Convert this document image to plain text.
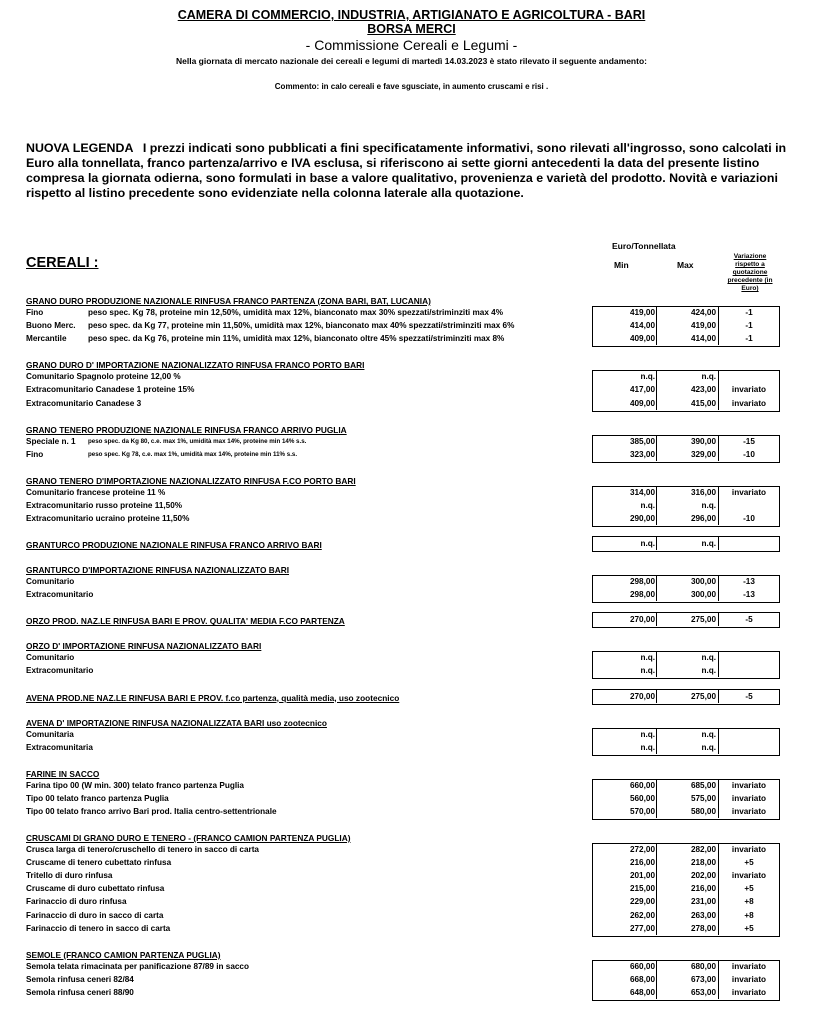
CAMERA DI COMMERCIO, INDUSTRIA, ARTIGIANATO E AGRICOLTURA - BARI
BORSA MERCI
- Commissione Cereali e Legumi -
Nella giornata di mercato nazionale dei cereali e legumi di martedì 14.03.2023 è stato rilevato il seguente andamento:
Commento: in calo cereali e fave sgusciate, in aumento cruscami e risi .
NUOVA LEGENDA I prezzi indicati sono pubblicati a fini specificatamente informativi, sono rilevati all'ingrosso, sono calcolati in Euro alla tonnellata, franco partenza/arrivo e IVA esclusa, si riferiscono ai sette giorni antecedenti la data del presente listino compresa la giornata odierna, sono formulati in base a valore qualitativo, provenienza e varietà del prodotto. Novità e variazioni rispetto al listino precedente sono evidenziate nella colonna laterale alla quotazione.
CEREALI :
Euro/Tonnellata
Min	Max
Variazione rispetto a quotazione precedente (in Euro)
GRANO DURO PRODUZIONE NAZIONALE RINFUSA FRANCO PARTENZA (ZONA BARI, BAT, LUCANIA)
Fino	peso spec. Kg 78, proteine min 12,50%, umidità max 12%, bianconato max 30% spezzati/striminziti max 4%	419,00	424,00	-1
Buono Merc. peso spec. da Kg 77, proteine min 11,50%, umidità max 12%, bianconato max 40% spezzati/striminziti max 6%	414,00	419,00	-1
Mercantile	peso spec. da Kg 76, proteine min 11%, umidità max 12%, bianconato oltre 45% spezzati/striminziti max 8%	409,00	414,00	-1
GRANO DURO D' IMPORTAZIONE NAZIONALIZZATO RINFUSA FRANCO PORTO BARI
Comunitario Spagnolo proteine 12,00 %	n.q.	n.q.
Extracomunitario Canadese 1 proteine 15%	417,00	423,00	invariato
Extracomunitario Canadese 3	409,00	415,00	invariato
GRANO TENERO PRODUZIONE NAZIONALE RINFUSA FRANCO ARRIVO PUGLIA
Speciale n. 1 peso spec. da Kg 80, c.e. max 1%, umidità max 14%, proteine min 14% s.s.	385,00	390,00	-15
Fino	peso spec. Kg 78, c.e. max 1%, umidità max 14%, proteine min 11% s.s.	323,00	329,00	-10
GRANO TENERO D'IMPORTAZIONE NAZIONALIZZATO RINFUSA F.CO PORTO BARI
Comunitario francese proteine 11 %	314,00	316,00	invariato
Extracomunitario russo proteine 11,50%	n.q.	n.q.
Extracomunitario ucraino proteine 11,50%	290,00	296,00	-10
GRANTURCO PRODUZIONE NAZIONALE RINFUSA FRANCO ARRIVO BARI	n.q.	n.q.
GRANTURCO D'IMPORTAZIONE RINFUSA NAZIONALIZZATO BARI
Comunitario	298,00	300,00	-13
Extracomunitario	298,00	300,00	-13
ORZO PROD. NAZ.LE RINFUSA BARI E PROV. QUALITA' MEDIA F.CO PARTENZA	270,00	275,00	-5
ORZO D' IMPORTAZIONE RINFUSA NAZIONALIZZATO BARI
Comunitario	n.q.	n.q.
Extracomunitario	n.q.	n.q.
AVENA PROD.NE NAZ.LE RINFUSA BARI E PROV. f.co partenza, qualità media, uso zootecnico	270,00	275,00	-5
AVENA D' IMPORTAZIONE RINFUSA NAZIONALIZZATA BARI uso zootecnico
Comunitaria	n.q.	n.q.
Extracomunitaria	n.q.	n.q.
FARINE IN SACCO
Farina tipo 00 (W min. 300) telato franco partenza Puglia	660,00	685,00	invariato
Tipo 00 telato franco partenza Puglia	560,00	575,00	invariato
Tipo 00 telato franco arrivo Bari prod. Italia centro-settentrionale	570,00	580,00	invariato
CRUSCAMI DI GRANO DURO E TENERO - (FRANCO CAMION PARTENZA PUGLIA)
Crusca larga di tenero/cruschello di tenero in sacco di carta	272,00	282,00	invariato
Cruscame di tenero cubettato rinfusa	216,00	218,00	+5
Tritello di duro rinfusa	201,00	202,00	invariato
Cruscame di duro cubettato rinfusa	215,00	216,00	+5
Farinaccio di duro rinfusa	229,00	231,00	+8
Farinaccio di duro in sacco di carta	262,00	263,00	+8
Farinaccio di tenero in sacco di carta	277,00	278,00	+5
SEMOLE (FRANCO CAMION PARTENZA PUGLIA)
Semola telata rimacinata per panificazione 87/89 in sacco	660,00	680,00	invariato
Semola rinfusa ceneri 82/84	668,00	673,00	invariato
Semola rinfusa ceneri 88/90	648,00	653,00	invariato
